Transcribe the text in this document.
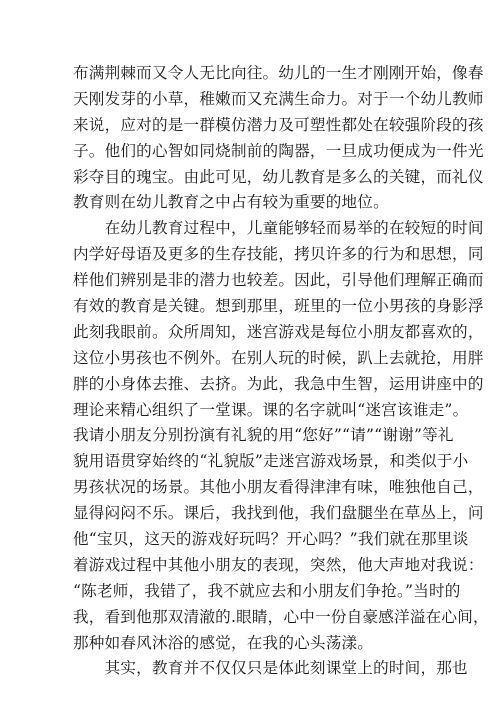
布满荆棘而又令人无比向往。幼儿的一生才刚刚开始，像春
天刚发芽的小草，稚嫩而又充满生命力。对于一个幼儿教师
来说，应对的是一群模仿潜力及可塑性都处在较强阶段的孩
子。他们的心智如同烧制前的陶器，一旦成功便成为一件光
彩夺目的瑰宝。由此可见，幼儿教育是多么的关键，而礼仪
教育则在幼儿教育之中占有较为重要的地位。
　　在幼儿教育过程中，儿童能够轻而易举的在较短的时间
内学好母语及更多的生存技能，拷贝许多的行为和思想，同
样他们辨别是非的潜力也较差。因此，引导他们理解正确而
有效的教育是关键。想到那里，班里的一位小男孩的身影浮
此刻我眼前。众所周知，迷宫游戏是每位小朋友都喜欢的，
这位小男孩也不例外。在别人玩的时候，趴上去就抢，用胖
胖的小身体去推、去挤。为此，我急中生智，运用讲座中的
理论来精心组织了一堂课。课的名字就叫“迷宫该谁走”。
我请小朋友分别扮演有礼貌的用“您好”“请”“谢谢”等礼
貌用语贯穿始终的“礼貌版”走迷宫游戏场景，和类似于小
男孩状况的场景。其他小朋友看得津津有味，唯独他自己，
显得闷闷不乐。课后，我找到他，我们盘腿坐在草丛上，问
他“宝贝，这天的游戏好玩吗？开心吗？”我们就在那里谈
着游戏过程中其他小朋友的表现，突然，他大声地对我说：
“陈老师，我错了，我不就应去和小朋友们争抢。”当时的
我，看到他那双清澈的.眼睛，心中一份自豪感洋溢在心间，
那种如春风沐浴的感觉，在我的心头荡漾。
　　其实，教育并不仅仅只是体此刻课堂上的时间，那也
